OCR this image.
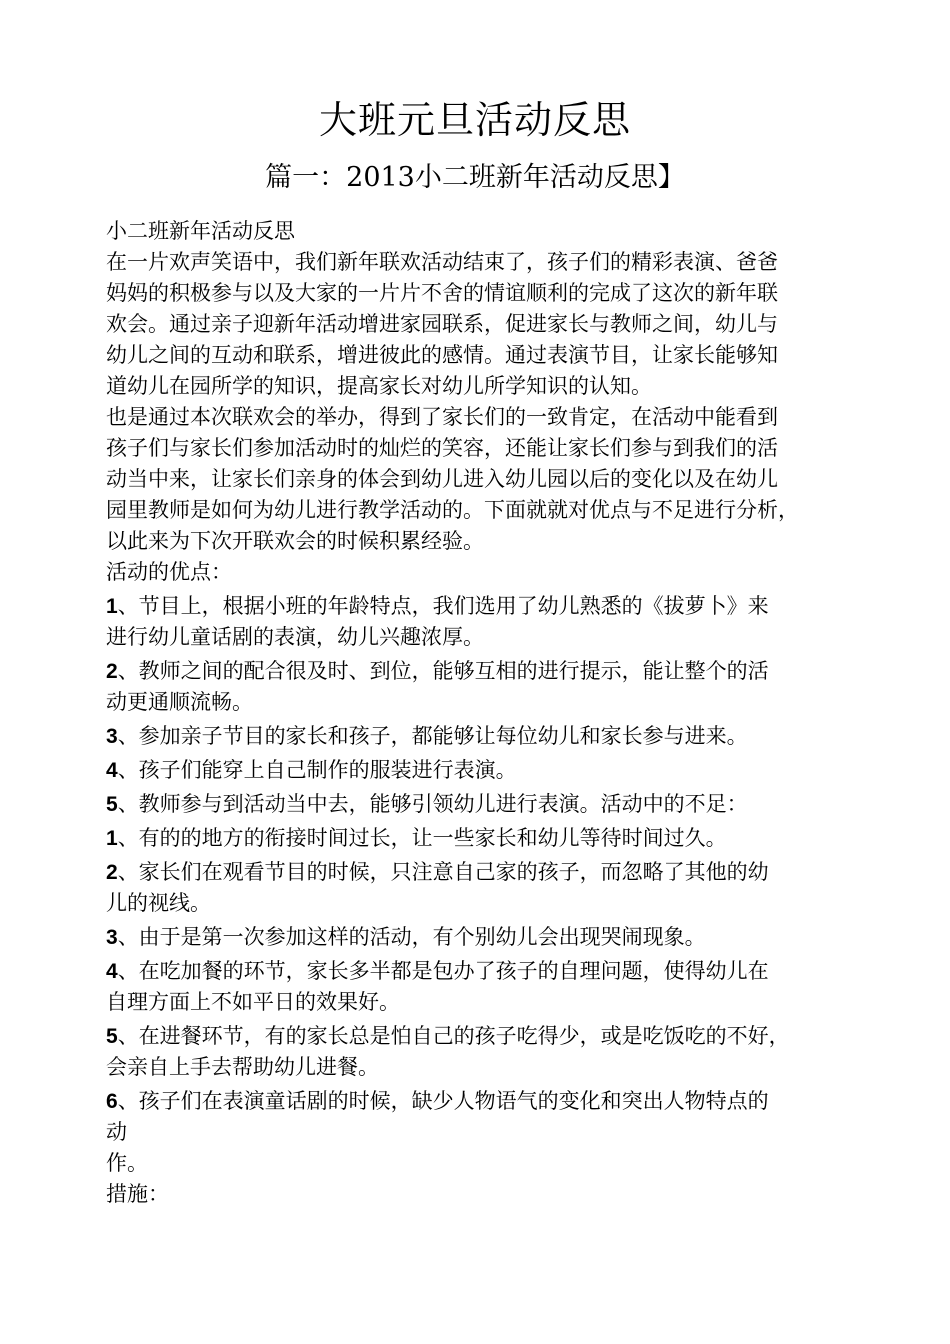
大班元旦活动反思
篇一：2013小二班新年活动反思】
小二班新年活动反思
在一片欢声笑语中，我们新年联欢活动结束了，孩子们的精彩表演、爸爸
妈妈的积极参与以及大家的一片片不舍的情谊顺利的完成了这次的新年联
欢会。通过亲子迎新年活动增进家园联系，促进家长与教师之间，幼儿与
幼儿之间的互动和联系，增进彼此的感情。通过表演节目，让家长能够知
道幼儿在园所学的知识，提高家长对幼儿所学知识的认知。
也是通过本次联欢会的举办，得到了家长们的一致肯定，在活动中能看到
孩子们与家长们参加活动时的灿烂的笑容，还能让家长们参与到我们的活
动当中来，让家长们亲身的体会到幼儿进入幼儿园以后的变化以及在幼儿
园里教师是如何为幼儿进行教学活动的。下面就就对优点与不足进行分析，
以此来为下次开联欢会的时候积累经验。
活动的优点：
1、节目上，根据小班的年龄特点，我们选用了幼儿熟悉的《拔萝卜》来
进行幼儿童话剧的表演，幼儿兴趣浓厚。
2、教师之间的配合很及时、到位，能够互相的进行提示，能让整个的活
动更通顺流畅。
3、参加亲子节目的家长和孩子，都能够让每位幼儿和家长参与进来。
4、孩子们能穿上自己制作的服装进行表演。
5、教师参与到活动当中去，能够引领幼儿进行表演。活动中的不足：
1、有的的地方的衔接时间过长，让一些家长和幼儿等待时间过久。
2、家长们在观看节目的时候，只注意自己家的孩子，而忽略了其他的幼
儿的视线。
3、由于是第一次参加这样的活动，有个别幼儿会出现哭闹现象。
4、在吃加餐的环节，家长多半都是包办了孩子的自理问题，使得幼儿在
自理方面上不如平日的效果好。
5、在进餐环节，有的家长总是怕自己的孩子吃得少，或是吃饭吃的不好，
会亲自上手去帮助幼儿进餐。
6、孩子们在表演童话剧的时候，缺少人物语气的变化和突出人物特点的
动
作。
措施：
